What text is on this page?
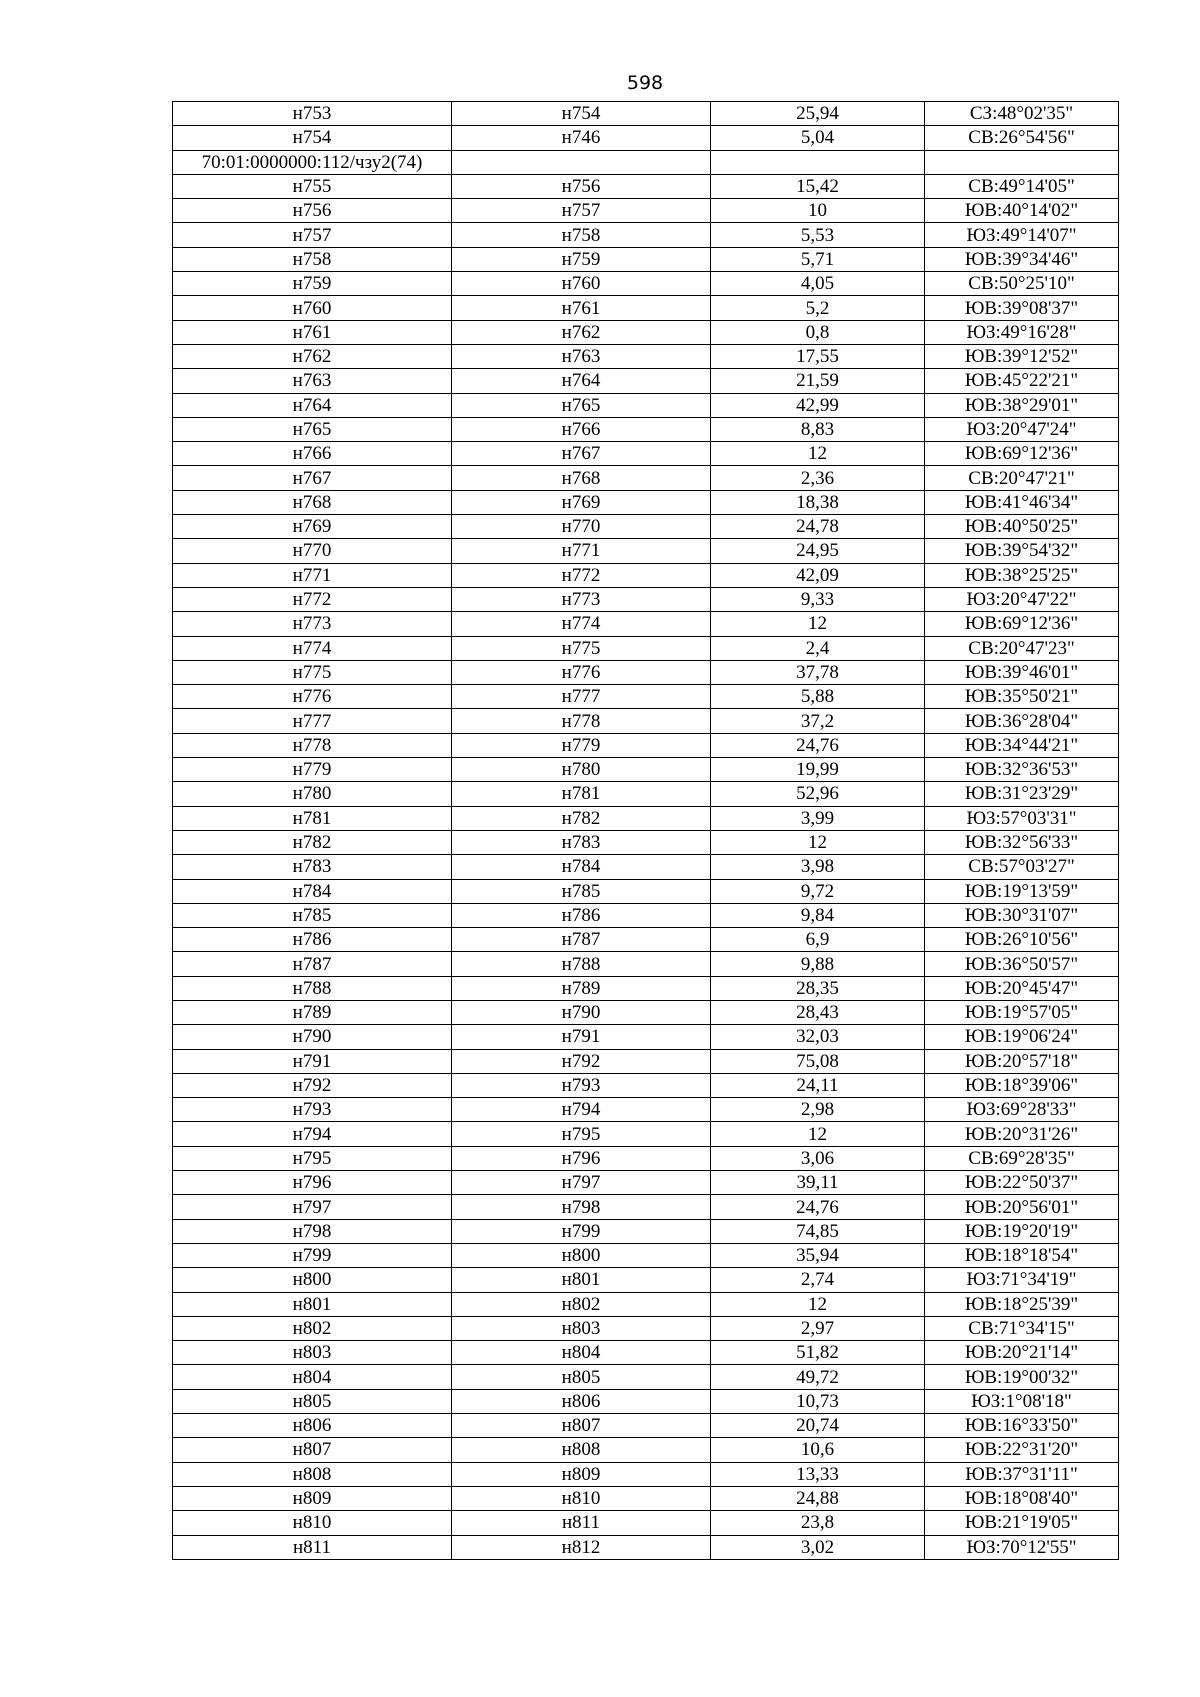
598
н753	н754	25,94	СЗ:48°02'35"
н754	н746	5,04	СВ:26°54'56"
70:01:0000000:112/чзу2(74)			
н755	н756	15,42	СВ:49°14'05"
н756	н757	10	ЮВ:40°14'02"
н757	н758	5,53	ЮЗ:49°14'07"
н758	н759	5,71	ЮВ:39°34'46"
н759	н760	4,05	СВ:50°25'10"
н760	н761	5,2	ЮВ:39°08'37"
н761	н762	0,8	ЮЗ:49°16'28"
н762	н763	17,55	ЮВ:39°12'52"
н763	н764	21,59	ЮВ:45°22'21"
н764	н765	42,99	ЮВ:38°29'01"
н765	н766	8,83	ЮЗ:20°47'24"
н766	н767	12	ЮВ:69°12'36"
н767	н768	2,36	СВ:20°47'21"
н768	н769	18,38	ЮВ:41°46'34"
н769	н770	24,78	ЮВ:40°50'25"
н770	н771	24,95	ЮВ:39°54'32"
н771	н772	42,09	ЮВ:38°25'25"
н772	н773	9,33	ЮЗ:20°47'22"
н773	н774	12	ЮВ:69°12'36"
н774	н775	2,4	СВ:20°47'23"
н775	н776	37,78	ЮВ:39°46'01"
н776	н777	5,88	ЮВ:35°50'21"
н777	н778	37,2	ЮВ:36°28'04"
н778	н779	24,76	ЮВ:34°44'21"
н779	н780	19,99	ЮВ:32°36'53"
н780	н781	52,96	ЮВ:31°23'29"
н781	н782	3,99	ЮЗ:57°03'31"
н782	н783	12	ЮВ:32°56'33"
н783	н784	3,98	СВ:57°03'27"
н784	н785	9,72	ЮВ:19°13'59"
н785	н786	9,84	ЮВ:30°31'07"
н786	н787	6,9	ЮВ:26°10'56"
н787	н788	9,88	ЮВ:36°50'57"
н788	н789	28,35	ЮВ:20°45'47"
н789	н790	28,43	ЮВ:19°57'05"
н790	н791	32,03	ЮВ:19°06'24"
н791	н792	75,08	ЮВ:20°57'18"
н792	н793	24,11	ЮВ:18°39'06"
н793	н794	2,98	ЮЗ:69°28'33"
н794	н795	12	ЮВ:20°31'26"
н795	н796	3,06	СВ:69°28'35"
н796	н797	39,11	ЮВ:22°50'37"
н797	н798	24,76	ЮВ:20°56'01"
н798	н799	74,85	ЮВ:19°20'19"
н799	н800	35,94	ЮВ:18°18'54"
н800	н801	2,74	ЮЗ:71°34'19"
н801	н802	12	ЮВ:18°25'39"
н802	н803	2,97	СВ:71°34'15"
н803	н804	51,82	ЮВ:20°21'14"
н804	н805	49,72	ЮВ:19°00'32"
н805	н806	10,73	ЮЗ:1°08'18"
н806	н807	20,74	ЮВ:16°33'50"
н807	н808	10,6	ЮВ:22°31'20"
н808	н809	13,33	ЮВ:37°31'11"
н809	н810	24,88	ЮВ:18°08'40"
н810	н811	23,8	ЮВ:21°19'05"
н811	н812	3,02	ЮЗ:70°12'55"
